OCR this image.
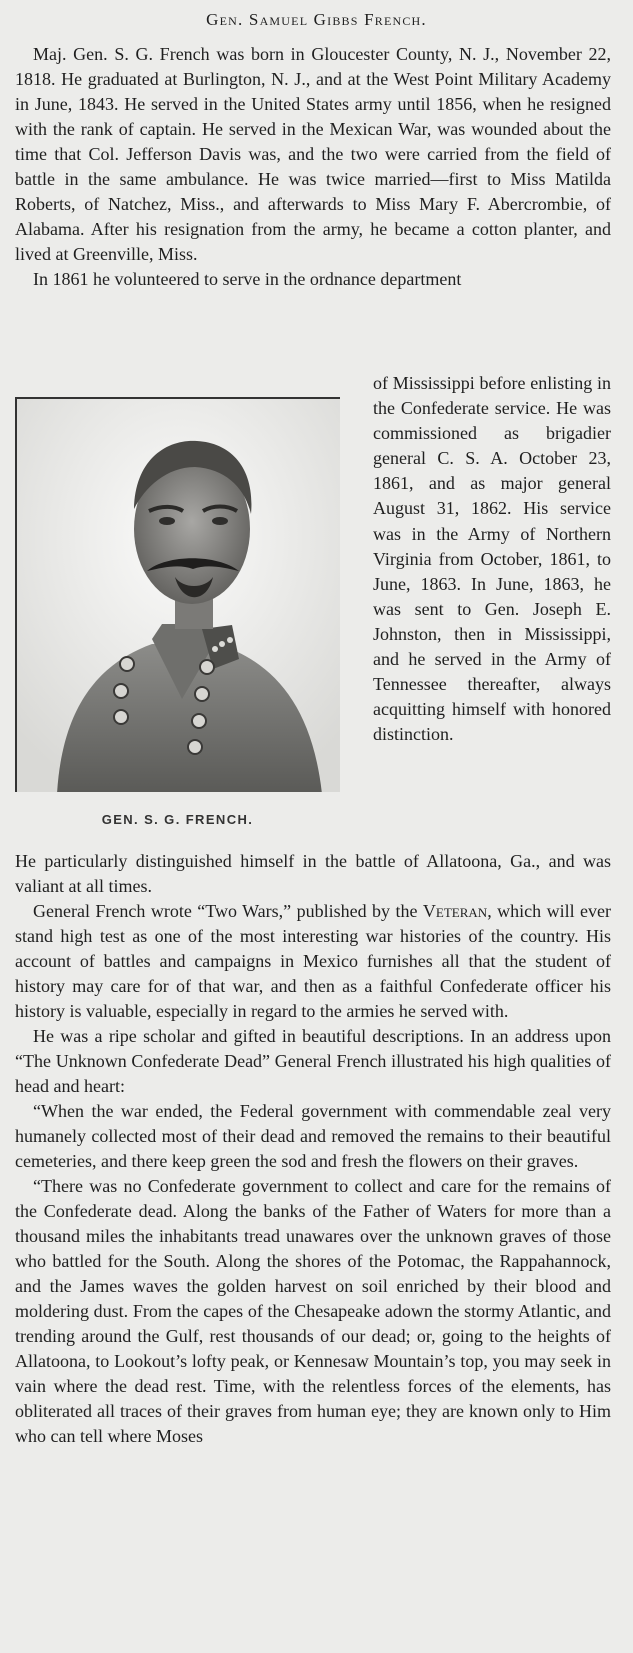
Gen. Samuel Gibbs French.

Maj. Gen. S. G. French was born in Gloucester County, N. J., November 22, 1818. He graduated at Burlington, N. J., and at the West Point Military Academy in June, 1843. He served in the United States army until 1856, when he resigned with the rank of captain. He served in the Mexican War, was wounded about the time that Col. Jefferson Davis was, and the two were carried from the field of battle in the same ambulance. He was twice married—first to Miss Matilda Roberts, of Natchez, Miss., and afterwards to Miss Mary F. Abercrombie, of Alabama. After his resignation from the army, he became a cotton planter, and lived at Greenville, Miss.

In 1861 he volunteered to serve in the ordnance department

of Mississippi before enlisting in the Confederate service. He was commissioned as brigadier general C. S. A. October 23, 1861, and as major general August 31, 1862. His service was in the Army of Northern Virginia from October, 1861, to June, 1863. In June, 1863, he was sent to Gen. Joseph E. Johnston, then in Mississippi, and he served in the Army of Tennessee thereafter, always acquitting himself with honored distinction.

GEN. S. G. FRENCH.

He particularly distinguished himself in the battle of Allatoona, Ga., and was valiant at all times.

General French wrote “Two Wars,” published by the Veteran, which will ever stand high test as one of the most interesting war histories of the country. His account of battles and campaigns in Mexico furnishes all that the student of history may care for of that war, and then as a faithful Confederate officer his history is valuable, especially in regard to the armies he served with.

He was a ripe scholar and gifted in beautiful descriptions. In an address upon “The Unknown Confederate Dead” General French illustrated his high qualities of head and heart:

“When the war ended, the Federal government with commendable zeal very humanely collected most of their dead and removed the remains to their beautiful cemeteries, and there keep green the sod and fresh the flowers on their graves.

“There was no Confederate government to collect and care for the remains of the Confederate dead. Along the banks of the Father of Waters for more than a thousand miles the inhabitants tread unawares over the unknown graves of those who battled for the South. Along the shores of the Potomac, the Rappahannock, and the James waves the golden harvest on soil enriched by their blood and moldering dust. From the capes of the Chesapeake adown the stormy Atlantic, and trending around the Gulf, rest thousands of our dead; or, going to the heights of Allatoona, to Lookout’s lofty peak, or Kennesaw Mountain’s top, you may seek in vain where the dead rest. Time, with the relentless forces of the elements, has obliterated all traces of their graves from human eye; they are known only to Him who can tell where Moses
